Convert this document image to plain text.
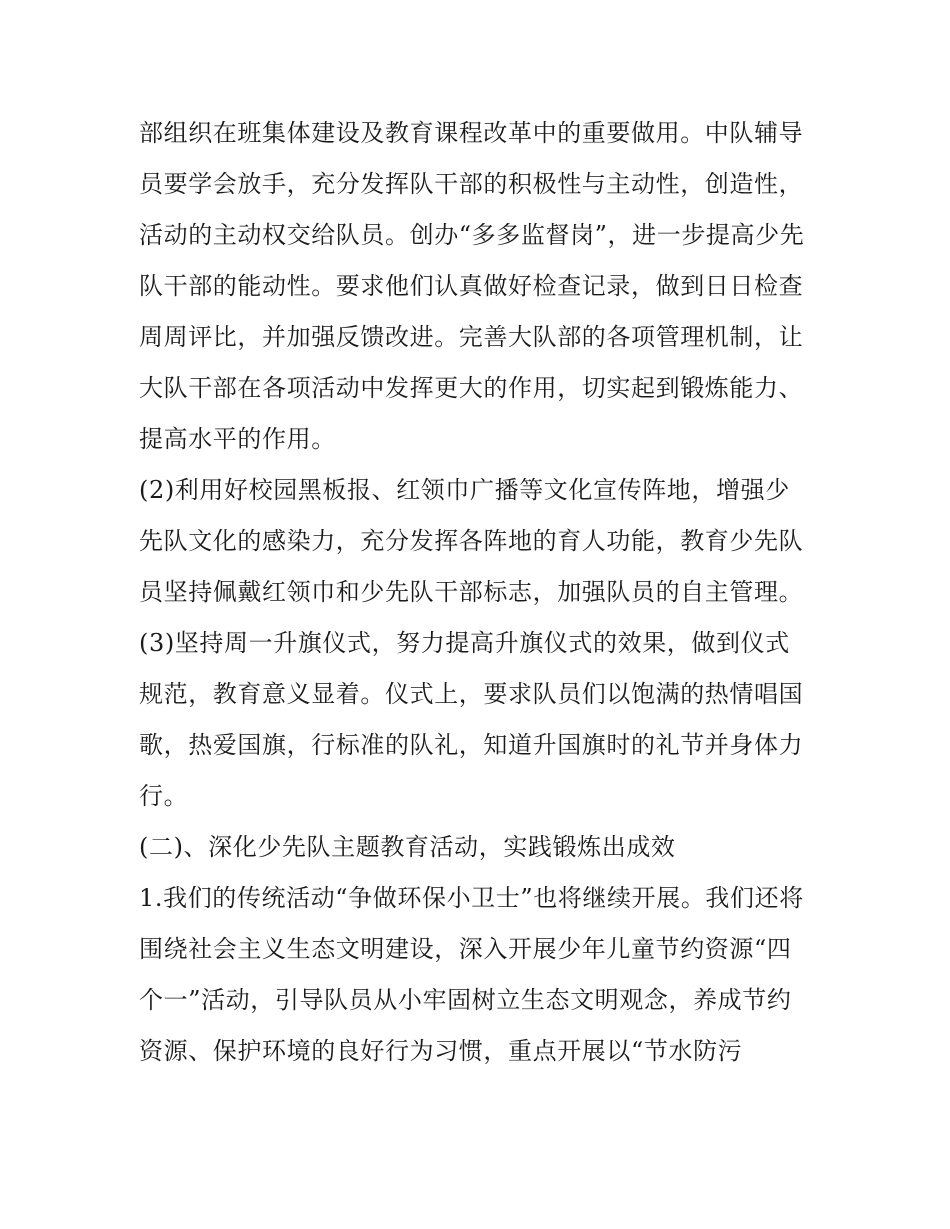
部组织在班集体建设及教育课程改革中的重要做用。中队辅导
员要学会放手，充分发挥队干部的积极性与主动性，创造性，
活动的主动权交给队员。创办“多多监督岗”，进一步提高少先
队干部的能动性。要求他们认真做好检查记录，做到日日检查
周周评比，并加强反馈改进。完善大队部的各项管理机制，让
大队干部在各项活动中发挥更大的作用，切实起到锻炼能力、
提高水平的作用。
(2)利用好校园黑板报、红领巾广播等文化宣传阵地，增强少
先队文化的感染力，充分发挥各阵地的育人功能，教育少先队
员坚持佩戴红领巾和少先队干部标志，加强队员的自主管理。
(3)坚持周一升旗仪式，努力提高升旗仪式的效果，做到仪式
规范，教育意义显着。仪式上，要求队员们以饱满的热情唱国
歌，热爱国旗，行标准的队礼，知道升国旗时的礼节并身体力
行。
(二)、深化少先队主题教育活动，实践锻炼出成效
1.我们的传统活动“争做环保小卫士”也将继续开展。我们还将
围绕社会主义生态文明建设，深入开展少年儿童节约资源“四
个一”活动，引导队员从小牢固树立生态文明观念，养成节约
资源、保护环境的良好行为习惯，重点开展以“节水防污
